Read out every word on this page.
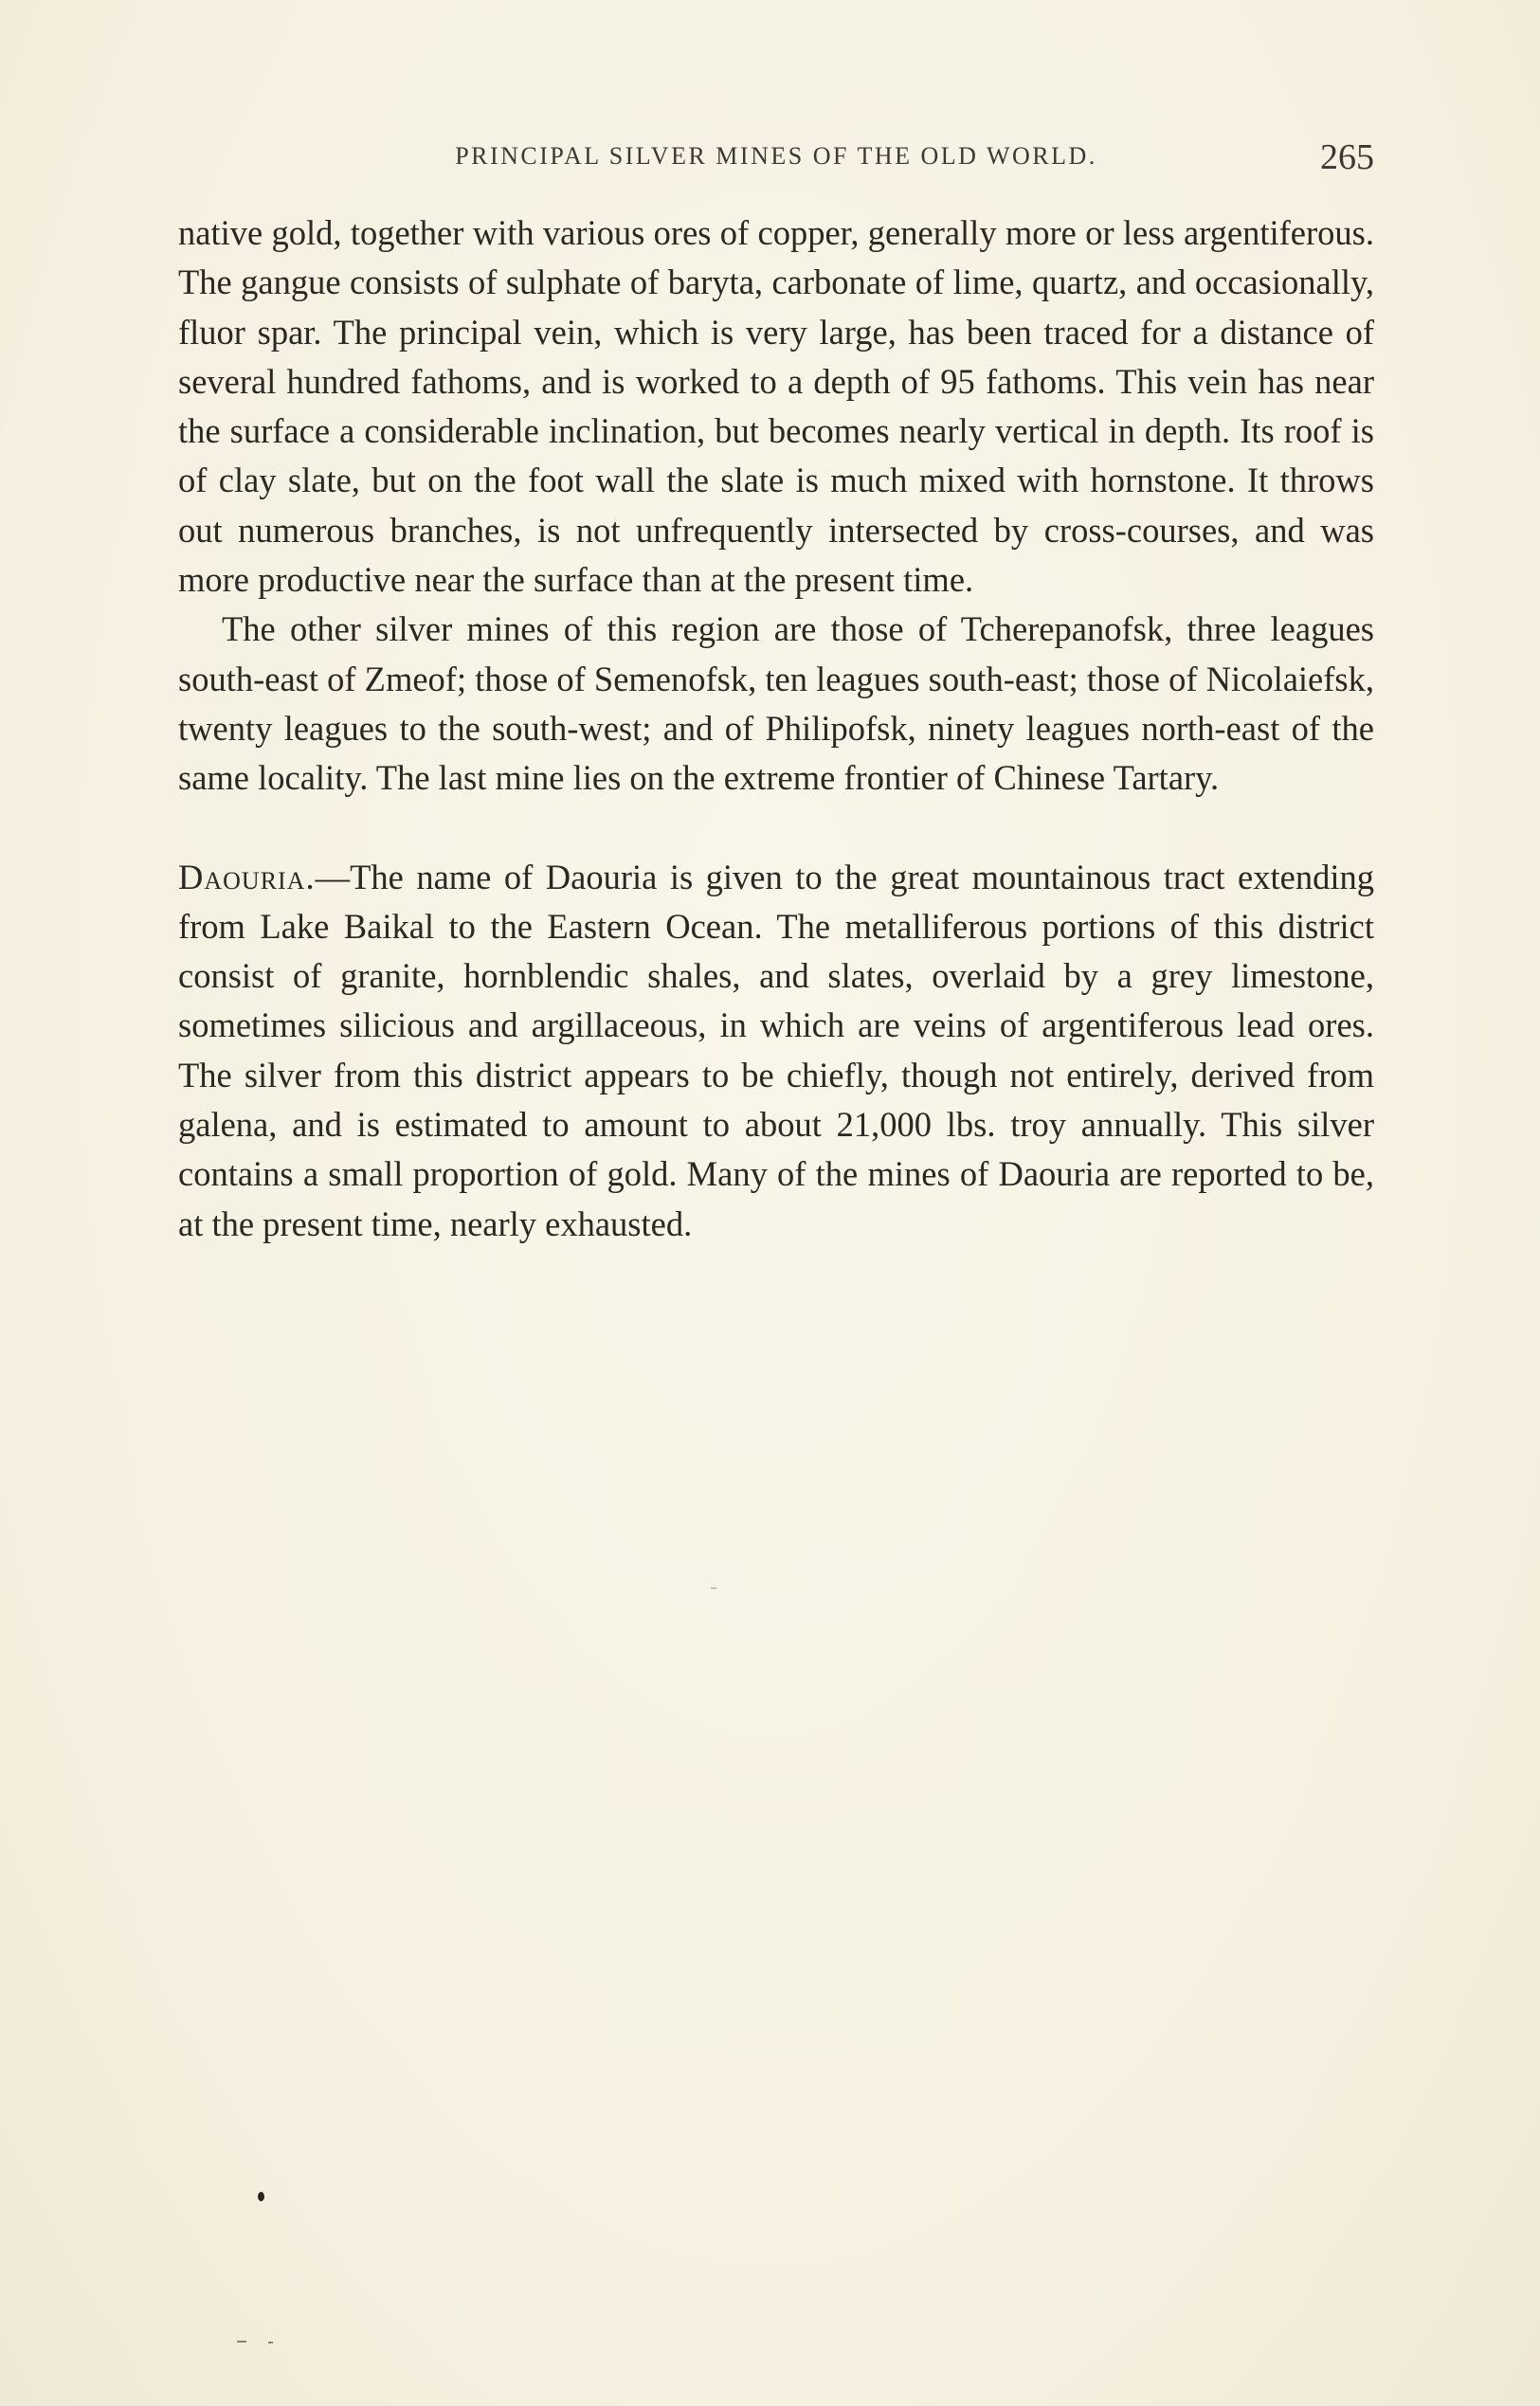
PRINCIPAL SILVER MINES OF THE OLD WORLD.	265

native gold, together with various ores of copper, generally more or less argentiferous. The gangue consists of sulphate of baryta, carbonate of lime, quartz, and occasionally, fluor spar. The principal vein, which is very large, has been traced for a distance of several hundred fathoms, and is worked to a depth of 95 fathoms. This vein has near the surface a considerable inclination, but becomes nearly vertical in depth. Its roof is of clay slate, but on the foot wall the slate is much mixed with hornstone. It throws out numerous branches, is not unfrequently intersected by cross-courses, and was more productive near the surface than at the present time.

The other silver mines of this region are those of Tcherepanofsk, three leagues south-east of Zmeof; those of Semenofsk, ten leagues south-east; those of Nicolaiefsk, twenty leagues to the south-west; and of Philipofsk, ninety leagues north-east of the same locality. The last mine lies on the extreme frontier of Chinese Tartary.

Daouria.—The name of Daouria is given to the great mountainous tract extending from Lake Baikal to the Eastern Ocean. The metalliferous portions of this district consist of granite, hornblendic shales, and slates, overlaid by a grey limestone, sometimes silicious and argillaceous, in which are veins of argentiferous lead ores. The silver from this district appears to be chiefly, though not entirely, derived from galena, and is estimated to amount to about 21,000 lbs. troy annually. This silver contains a small proportion of gold. Many of the mines of Daouria are reported to be, at the present time, nearly exhausted.
